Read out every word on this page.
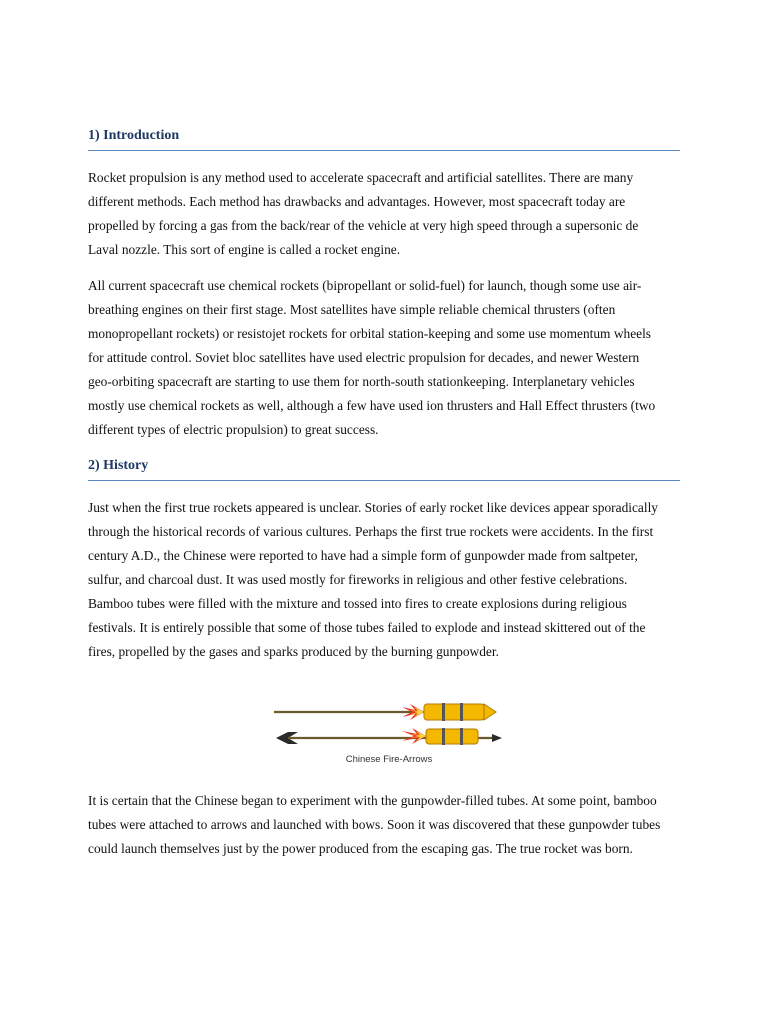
1) Introduction

Rocket propulsion is any method used to accelerate spacecraft and artificial satellites. There are many different methods. Each method has drawbacks and advantages. However, most spacecraft today are propelled by forcing a gas from the back/rear of the vehicle at very high speed through a supersonic de Laval nozzle. This sort of engine is called a rocket engine.

All current spacecraft use chemical rockets (bipropellant or solid-fuel) for launch, though some use air-breathing engines on their first stage. Most satellites have simple reliable chemical thrusters (often monopropellant rockets) or resistojet rockets for orbital station-keeping and some use momentum wheels for attitude control. Soviet bloc satellites have used electric propulsion for decades, and newer Western geo-orbiting spacecraft are starting to use them for north-south stationkeeping. Interplanetary vehicles mostly use chemical rockets as well, although a few have used ion thrusters and Hall Effect thrusters (two different types of electric propulsion) to great success.

2) History

Just when the first true rockets appeared is unclear. Stories of early rocket like devices appear sporadically through the historical records of various cultures. Perhaps the first true rockets were accidents. In the first century A.D., the Chinese were reported to have had a simple form of gunpowder made from saltpeter, sulfur, and charcoal dust. It was used mostly for fireworks in religious and other festive celebrations. Bamboo tubes were filled with the mixture and tossed into fires to create explosions during religious festivals. It is entirely possible that some of those tubes failed to explode and instead skittered out of the fires, propelled by the gases and sparks produced by the burning gunpowder.

Chinese Fire-Arrows

It is certain that the Chinese began to experiment with the gunpowder-filled tubes. At some point, bamboo tubes were attached to arrows and launched with bows. Soon it was discovered that these gunpowder tubes could launch themselves just by the power produced from the escaping gas. The true rocket was born.
